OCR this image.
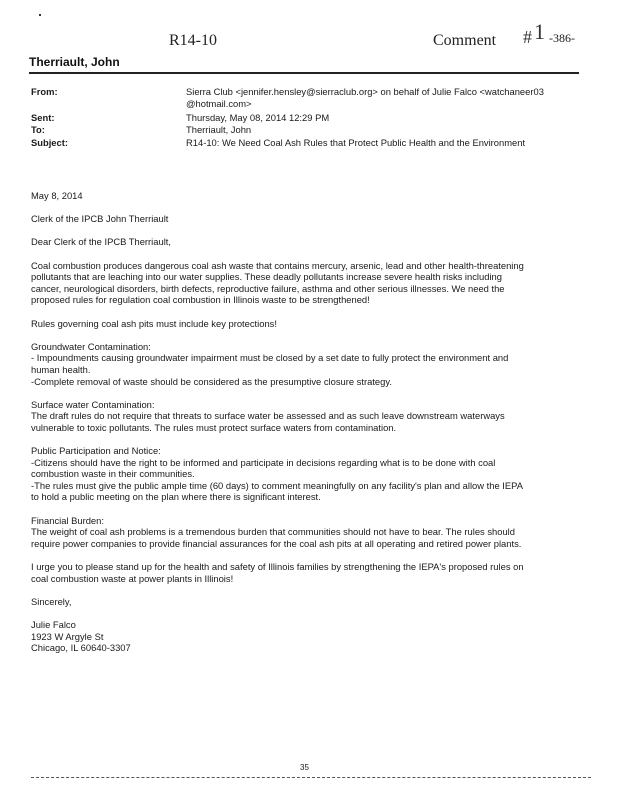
R14-10	Comment #1 -386-
Therriault, John
From:	Sierra Club <jennifer.hensley@sierraclub.org> on behalf of Julie Falco <watchaneer03
@hotmail.com>
Sent:	Thursday, May 08, 2014 12:29 PM
To:	Therriault, John
Subject:	R14-10: We Need Coal Ash Rules that Protect Public Health and the Environment

May 8, 2014

Clerk of the IPCB John Therriault

Dear Clerk of the IPCB Therriault,

Coal combustion produces dangerous coal ash waste that contains mercury, arsenic, lead and other health-threatening
pollutants that are leaching into our water supplies. These deadly pollutants increase severe health risks including
cancer, neurological disorders, birth defects, reproductive failure, asthma and other serious illnesses. We need the
proposed rules for regulation coal combustion in Illinois waste to be strengthened!

Rules governing coal ash pits must include key protections!

Groundwater Contamination:
- Impoundments causing groundwater impairment must be closed by a set date to fully protect the environment and
human health.
-Complete removal of waste should be considered as the presumptive closure strategy.

Surface water Contamination:
The draft rules do not require that threats to surface water be assessed and as such leave downstream waterways
vulnerable to toxic pollutants. The rules must protect surface waters from contamination.

Public Participation and Notice:
-Citizens should have the right to be informed and participate in decisions regarding what is to be done with coal
combustion waste in their communities.
-The rules must give the public ample time (60 days) to comment meaningfully on any facility's plan and allow the IEPA
to hold a public meeting on the plan where there is significant interest.

Financial Burden:
The weight of coal ash problems is a tremendous burden that communities should not have to bear. The rules should
require power companies to provide financial assurances for the coal ash pits at all operating and retired power plants.

I urge you to please stand up for the health and safety of Illinois families by strengthening the IEPA's proposed rules on
coal combustion waste at power plants in Illinois!

Sincerely,

Julie Falco
1923 W Argyle St
Chicago, IL 60640-3307

35
